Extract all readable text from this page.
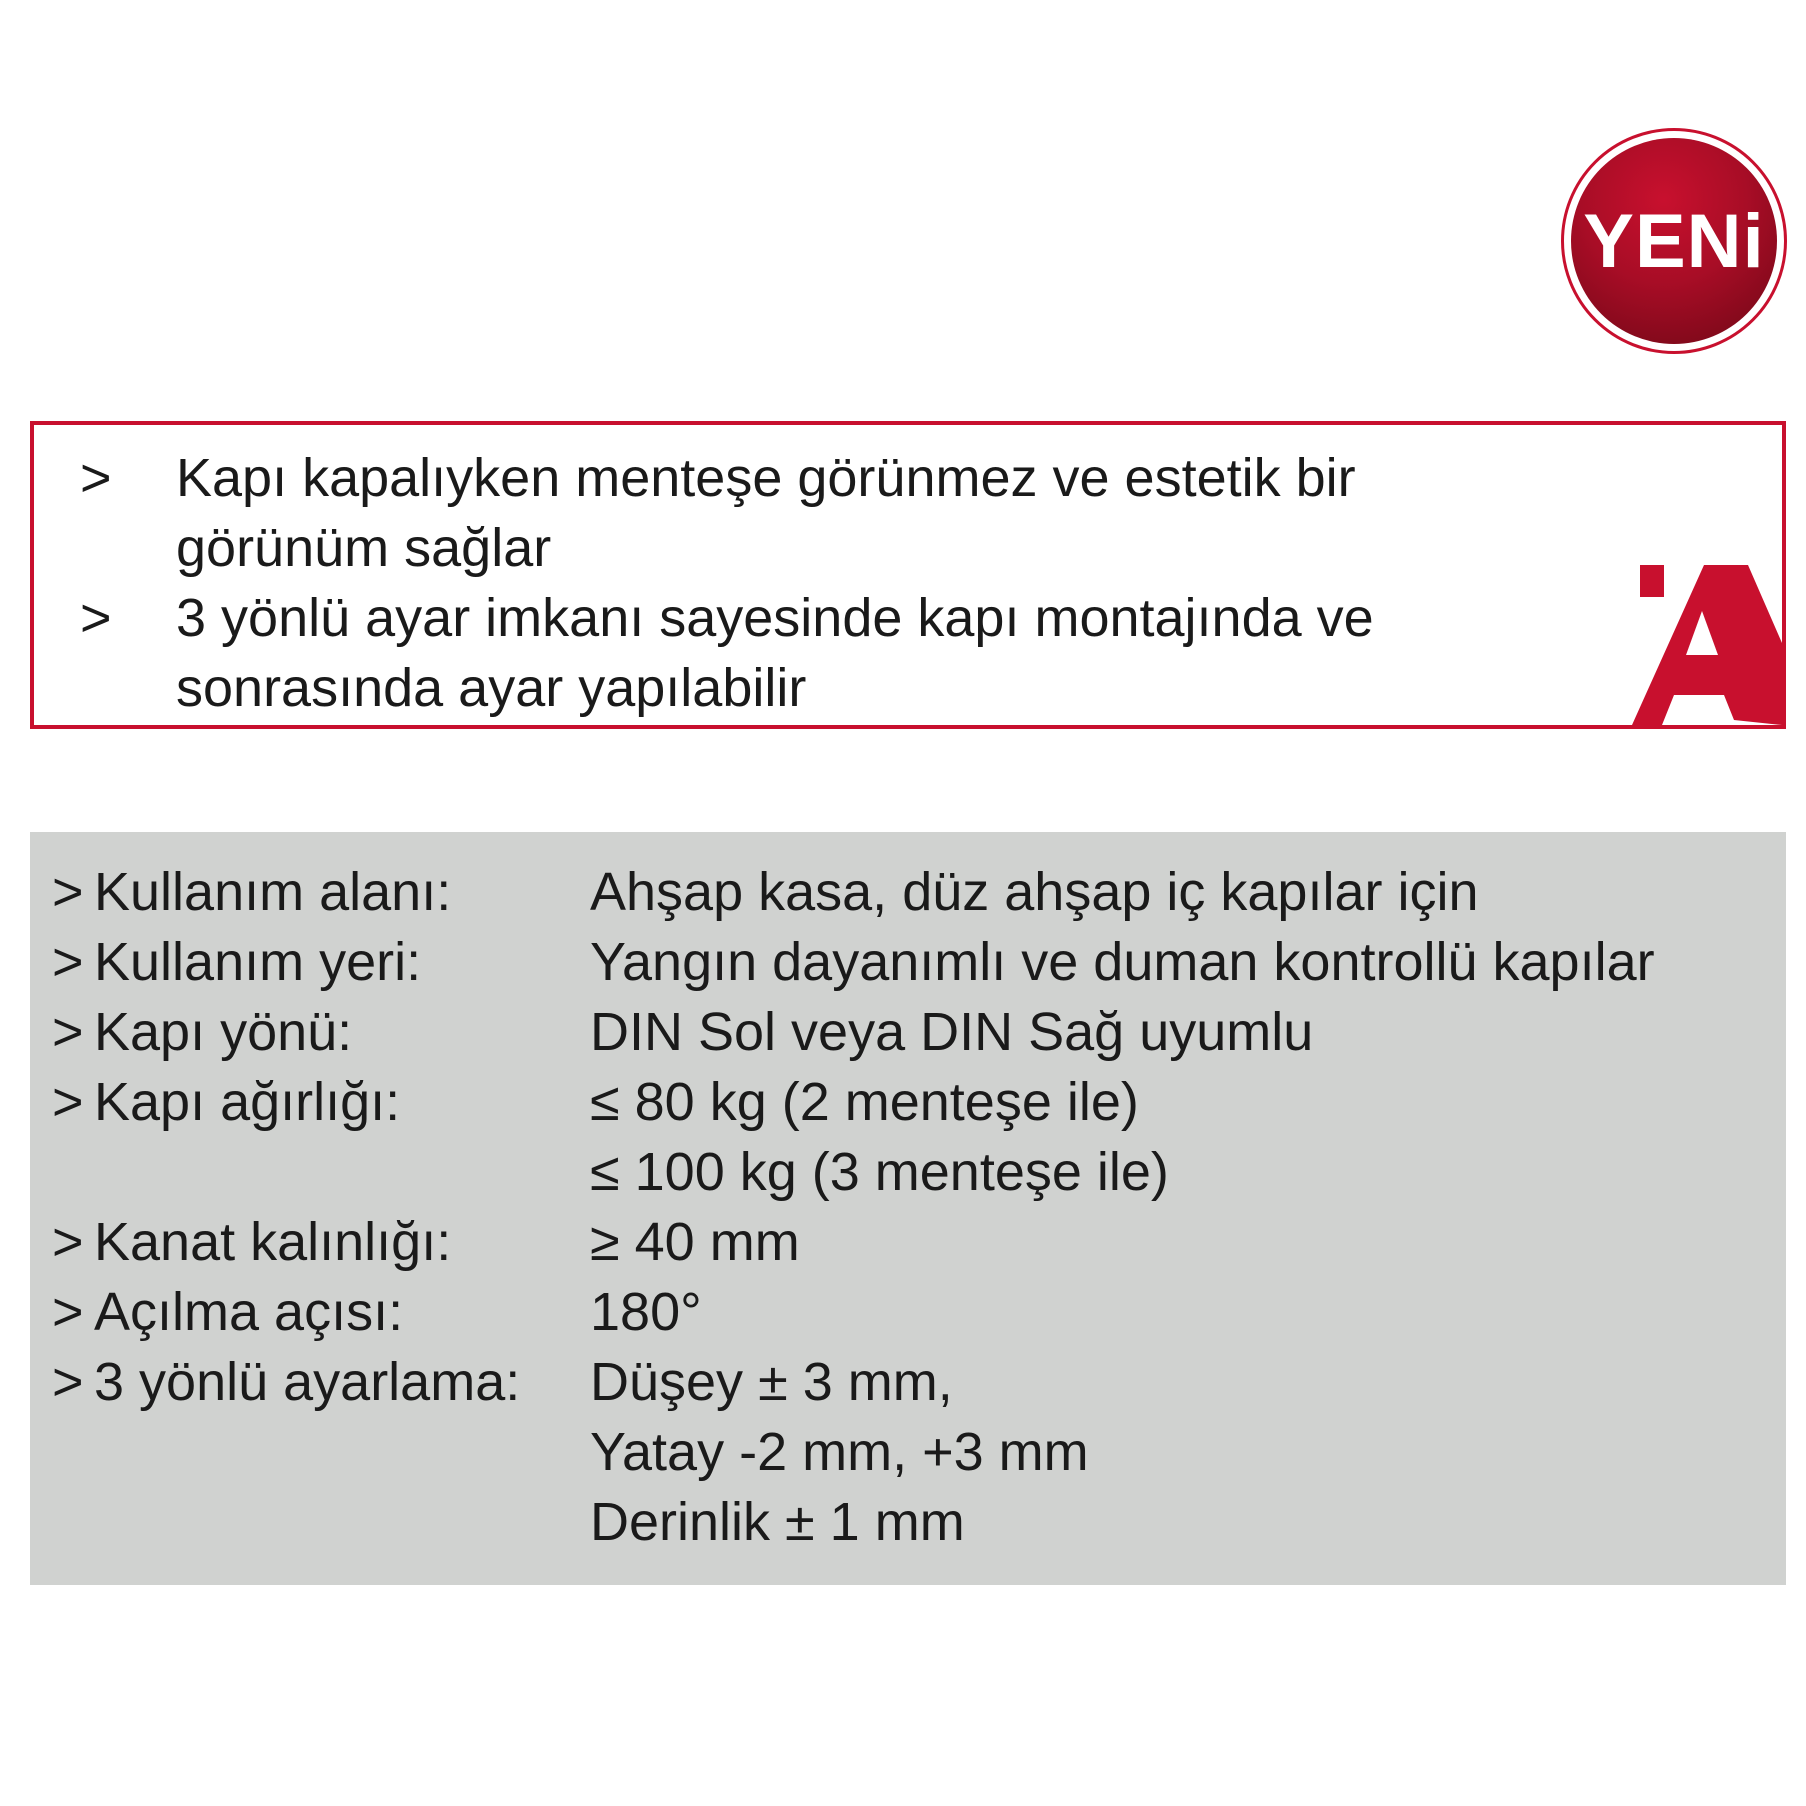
YENi
>	Kapı kapalıyken menteşe görünmez ve estetik bir görünüm sağlar
>	3 yönlü ayar imkanı sayesinde kapı montajında ve sonrasında ayar yapılabilir
> Kullanım alanı:	Ahşap kasa, düz ahşap iç kapılar için
> Kullanım yeri:	Yangın dayanımlı ve duman kontrollü kapılar
> Kapı yönü:	DIN Sol veya DIN Sağ uyumlu
> Kapı ağırlığı:	≤ 80 kg (2 menteşe ile)
≤ 100 kg (3 menteşe ile)
> Kanat kalınlığı:	≥ 40 mm
> Açılma açısı:	180°
> 3 yönlü ayarlama:	Düşey ± 3 mm,
Yatay -2 mm, +3 mm
Derinlik ± 1 mm
